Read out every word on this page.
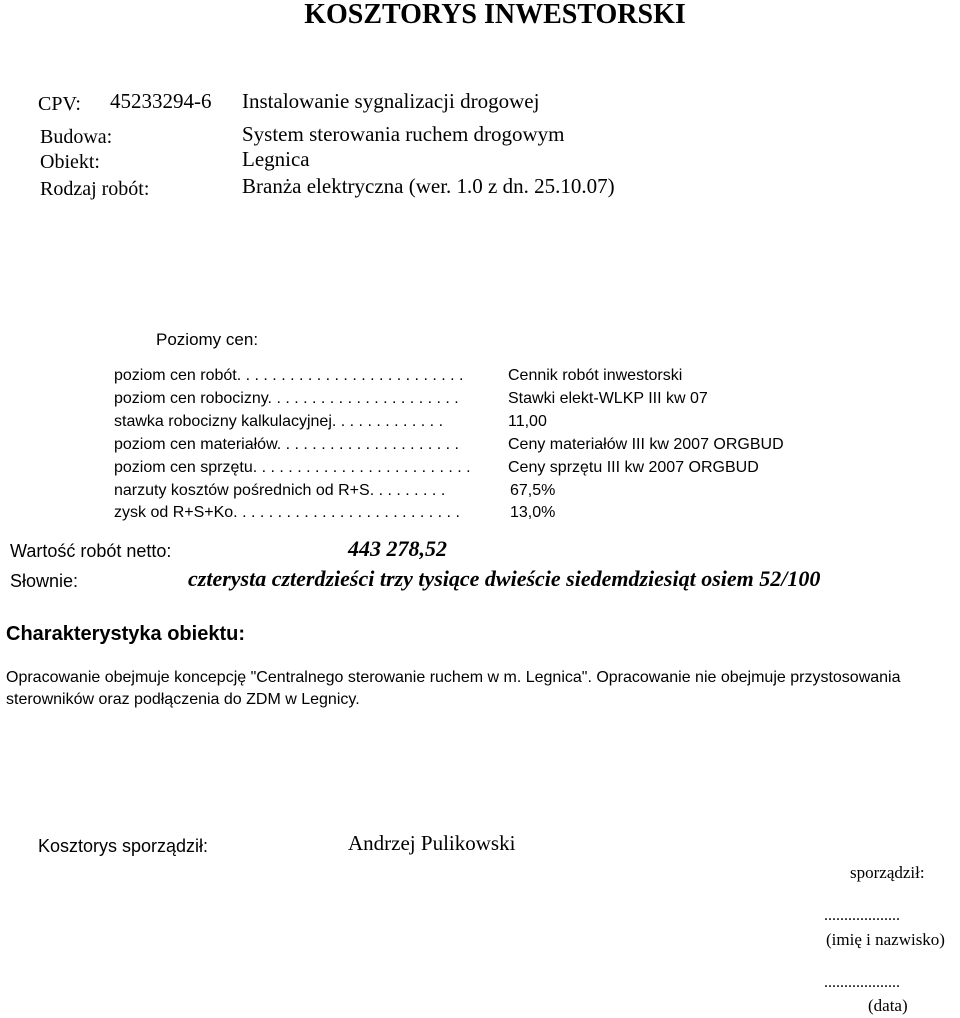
KOSZTORYS INWESTORSKI
CPV: 45233294-6 Instalowanie sygnalizacji drogowej
Budowa:	System sterowania ruchem drogowym
Obiekt:	Legnica
Rodzaj robót:	Branża elektryczna (wer. 1.0 z dn. 25.10.07)
Poziomy cen:
poziom cen robót. . . . . . . . . . . . . . . . . . . . . . . . . .	Cennik robót inwestorski
poziom cen robocizny. . . . . . . . . . . . . . . . . . . . . .	Stawki elekt-WLKP III kw 07
stawka robocizny kalkulacyjnej. . . . . . . . . . . . .	11,00
poziom cen materiałów. . . . . . . . . . . . . . . . . . . . .	Ceny materiałów III kw 2007 ORGBUD
poziom cen sprzętu. . . . . . . . . . . . . . . . . . . . . . . . . Ceny sprzętu III kw 2007 ORGBUD
narzuty kosztów pośrednich od R+S. . . . . . . . .	67,5%
zysk od R+S+Ko. . . . . . . . . . . . . . . . . . . . . . . . . .	13,0%
Wartość robót netto:	443 278,52
Słownie:	czterysta czterdzieści trzy tysiące dwieście siedemdziesiąt osiem 52/100
Charakterystyka obiektu:
Opracowanie obejmuje koncepcję "Centralnego sterowanie ruchem w m. Legnica". Opracowanie nie obejmuje przystosowania sterowników oraz podłączenia do ZDM w Legnicy.
Kosztorys sporządził:	Andrzej Pulikowski
sporządził:
...................
(imię i nazwisko)
...................
(data)
